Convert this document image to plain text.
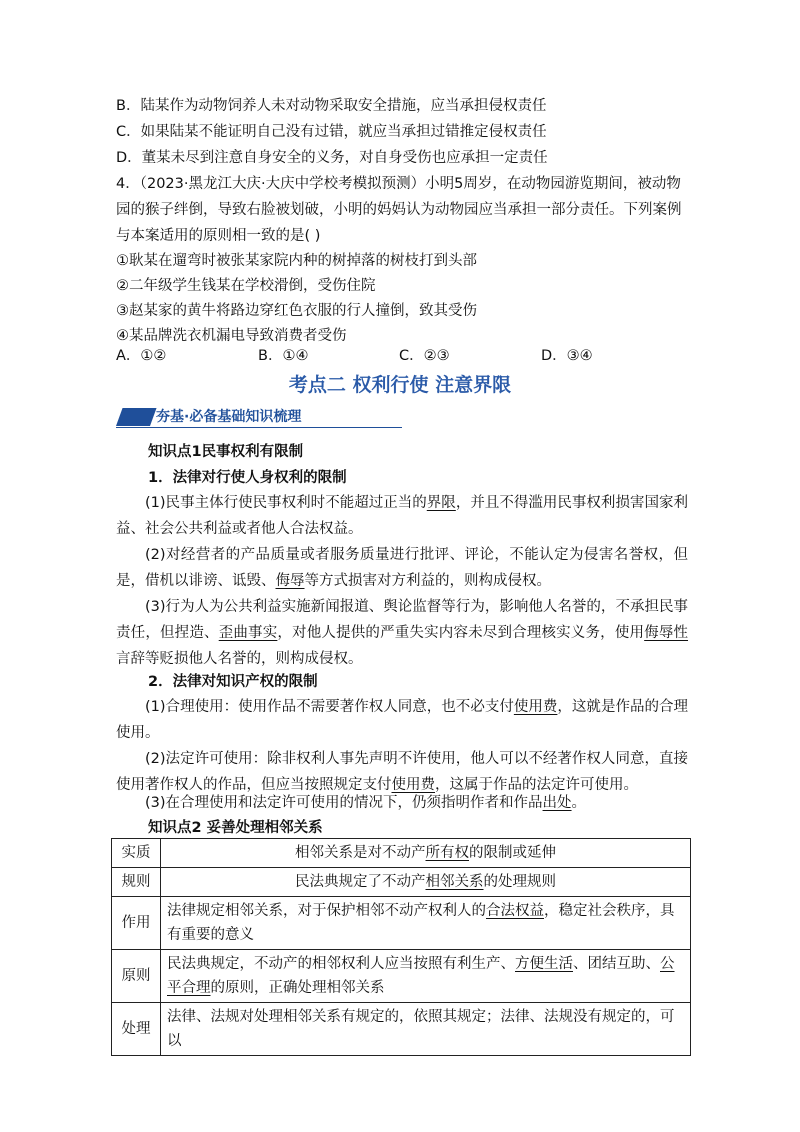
B．陆某作为动物饲养人未对动物采取安全措施，应当承担侵权责任
C．如果陆某不能证明自己没有过错，就应当承担过错推定侵权责任
D．董某未尽到注意自身安全的义务，对自身受伤也应承担一定责任
4．（2023·黑龙江大庆·大庆中学校考模拟预测）小明5周岁，在动物园游览期间，被动物
园的猴子绊倒，导致右脸被划破，小明的妈妈认为动物园应当承担一部分责任。下列案例
与本案适用的原则相一致的是( )
①耿某在遛弯时被张某家院内种的树掉落的树枝打到头部
②二年级学生钱某在学校滑倒，受伤住院
③赵某家的黄牛将路边穿红色衣服的行人撞倒，致其受伤
④某品牌洗衣机漏电导致消费者受伤
A．①②	B．①④	C．②③	D．③④
考点二 权利行使 注意界限
夯基·必备基础知识梳理
知识点1民事权利有限制
1．法律对行使人身权利的限制
(1)民事主体行使民事权利时不能超过正当的界限，并且不得滥用民事权利损害国家利益、社会公共利益或者他人合法权益。
(2)对经营者的产品质量或者服务质量进行批评、评论，不能认定为侵害名誉权，但是，借机以诽谤、诋毁、侮辱等方式损害对方利益的，则构成侵权。
(3)行为人为公共利益实施新闻报道、舆论监督等行为，影响他人名誉的，不承担民事责任，但捏造、歪曲事实，对他人提供的严重失实内容未尽到合理核实义务，使用侮辱性言辞等贬损他人名誉的，则构成侵权。
2．法律对知识产权的限制
(1)合理使用：使用作品不需要著作权人同意，也不必支付使用费，这就是作品的合理使用。
(2)法定许可使用：除非权利人事先声明不许使用，他人可以不经著作权人同意，直接使用著作权人的作品，但应当按照规定支付使用费，这属于作品的法定许可使用。
(3)在合理使用和法定许可使用的情况下，仍须指明作者和作品出处。
知识点2 妥善处理相邻关系
实质	相邻关系是对不动产所有权的限制或延伸
规则	民法典规定了不动产相邻关系的处理规则
作用	法律规定相邻关系，对于保护相邻不动产权利人的合法权益，稳定社会秩序，具有重要的意义
原则	民法典规定，不动产的相邻权利人应当按照有利生产、方便生活、团结互助、公平合理的原则，正确处理相邻关系
处理	法律、法规对处理相邻关系有规定的，依照其规定；法律、法规没有规定的，可以
